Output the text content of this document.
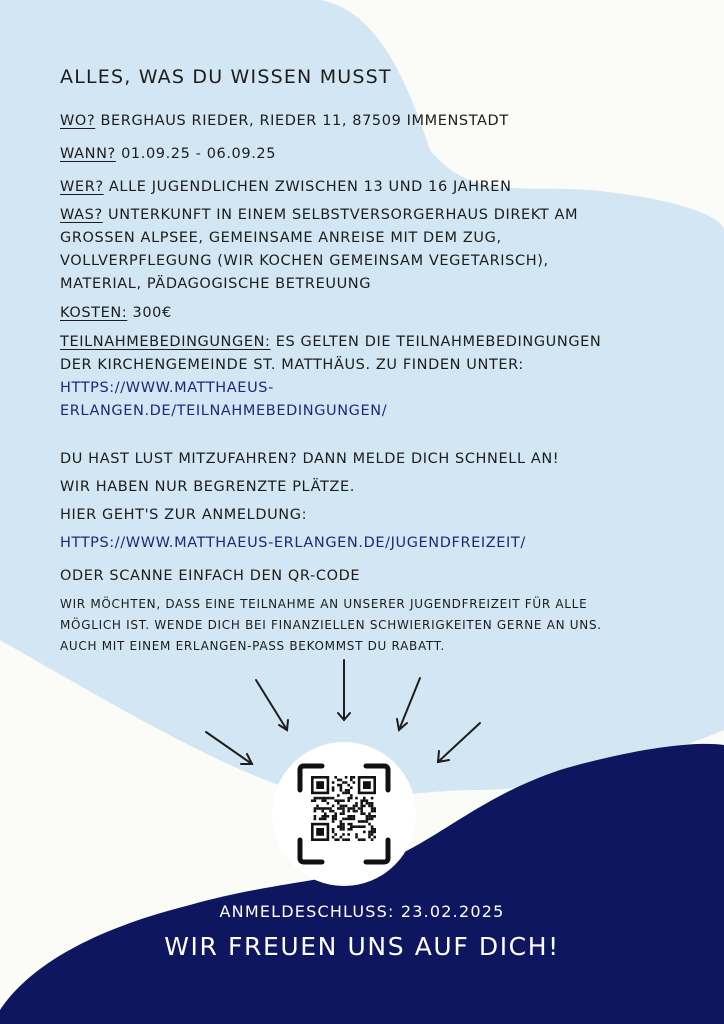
ALLES, WAS DU WISSEN MUSST
WO? BERGHAUS RIEDER, RIEDER 11, 87509 IMMENSTADT
WANN? 01.09.25 - 06.09.25
WER? ALLE JUGENDLICHEN ZWISCHEN 13 UND 16 JAHREN
WAS? UNTERKUNFT IN EINEM SELBSTVERSORGERHAUS DIREKT AM
GROSSEN ALPSEE, GEMEINSAME ANREISE MIT DEM ZUG,
VOLLVERPFLEGUNG (WIR KOCHEN GEMEINSAM VEGETARISCH),
MATERIAL, PÄDAGOGISCHE BETREUUNG
KOSTEN: 300€
TEILNAHMEBEDINGUNGEN: ES GELTEN DIE TEILNAHMEBEDINGUNGEN
DER KIRCHENGEMEINDE ST. MATTHÄUS. ZU FINDEN UNTER:
HTTPS://WWW.MATTHAEUS-
ERLANGEN.DE/TEILNAHMEBEDINGUNGEN/
DU HAST LUST MITZUFAHREN? DANN MELDE DICH SCHNELL AN!
WIR HABEN NUR BEGRENZTE PLÄTZE.
HIER GEHT'S ZUR ANMELDUNG:
HTTPS://WWW.MATTHAEUS-ERLANGEN.DE/JUGENDFREIZEIT/
ODER SCANNE EINFACH DEN QR-CODE
WIR MÖCHTEN, DASS EINE TEILNAHME AN UNSERER JUGENDFREIZEIT FÜR ALLE
MÖGLICH IST. WENDE DICH BEI FINANZIELLEN SCHWIERIGKEITEN GERNE AN UNS.
AUCH MIT EINEM ERLANGEN-PASS BEKOMMST DU RABATT.
ANMELDESCHLUSS: 23.02.2025
WIR FREUEN UNS AUF DICH!
